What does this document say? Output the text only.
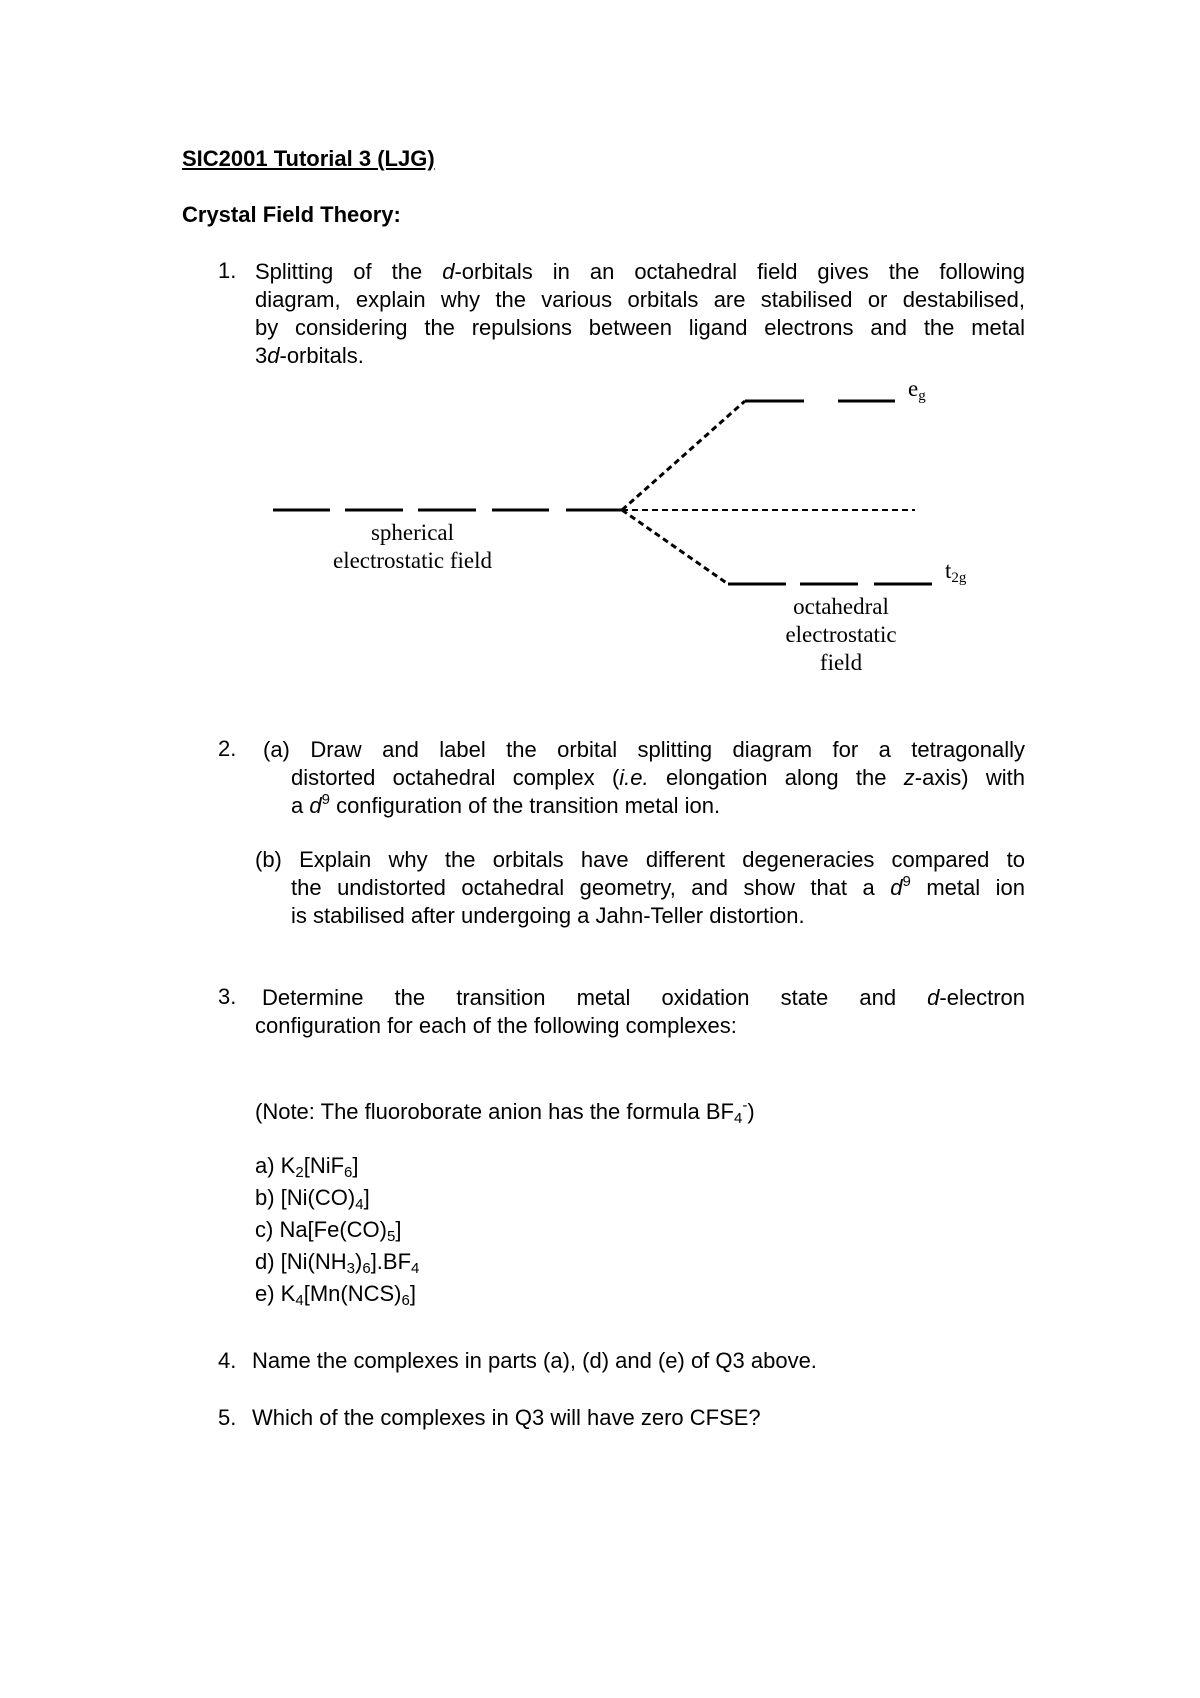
SIC2001 Tutorial 3 (LJG)
Crystal Field Theory:
1. Splitting of the d-orbitals in an octahedral field gives the following
diagram, explain why the various orbitals are stabilised or destabilised,
by considering the repulsions between ligand electrons and the metal
3d-orbitals.
$e_g$
$t_{2g}$
spherical
electrostatic field
octahedral
electrostatic
field
2. (a) Draw and label the orbital splitting diagram for a tetragonally
distorted octahedral complex (i.e. elongation along the z-axis) with
a $d^9$ configuration of the transition metal ion.
(b) Explain why the orbitals have different degeneracies compared to
the undistorted octahedral geometry, and show that a $d^9$ metal ion
is stabilised after undergoing a Jahn-Teller distortion.
3. Determine the transition metal oxidation state and d-electron
configuration for each of the following complexes:
(Note: The fluoroborate anion has the formula $BF_4^-$)
a) $K_2[NiF_6]$
b) $[Ni(CO)_4]$
c) $Na[Fe(CO)_5]$
d) $[Ni(NH_3)_6].BF_4$
e) $K_4[Mn(NCS)_6]$
4. Name the complexes in parts (a), (d) and (e) of Q3 above.
5. Which of the complexes in Q3 will have zero CFSE?
